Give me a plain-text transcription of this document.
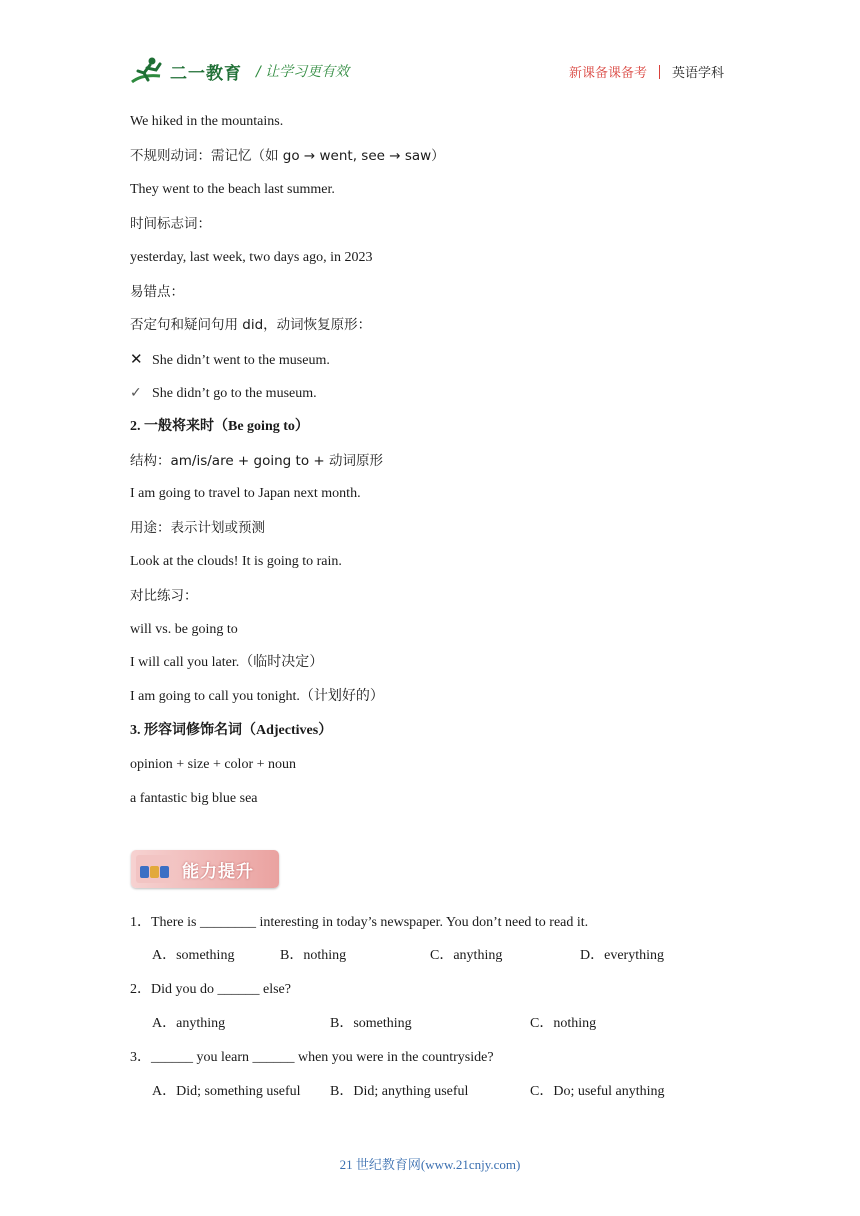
二一教育 / 让学习更有效	新课备课备考 英语学科
We hiked in the mountains.
不规则动词：需记忆（如 go → went, see → saw）
They went to the beach last summer.
时间标志词：
yesterday, last week, two days ago, in 2023
易错点：
否定句和疑问句用 did，动词恢复原形：
✕ She didn’t went to the museum.
✓ She didn’t go to the museum.
2. 一般将来时（Be going to）
结构：am/is/are + going to + 动词原形
I am going to travel to Japan next month.
用途：表示计划或预测
Look at the clouds! It is going to rain.
对比练习：
will vs. be going to
I will call you later.（临时决定）
I am going to call you tonight.（计划好的）
3. 形容词修饰名词（Adjectives）
opinion + size + color + noun
a fantastic big blue sea
能力提升
1．There is ________ interesting in today’s newspaper. You don’t need to read it.
A．something	B．nothing	C．anything	D．everything
2．Did you do ______ else?
A．anything	B．something	C．nothing
3．______ you learn ______ when you were in the countryside?
A．Did; something useful B．Did; anything useful	C．Do; useful anything
21 世纪教育网(www.21cnjy.com)
